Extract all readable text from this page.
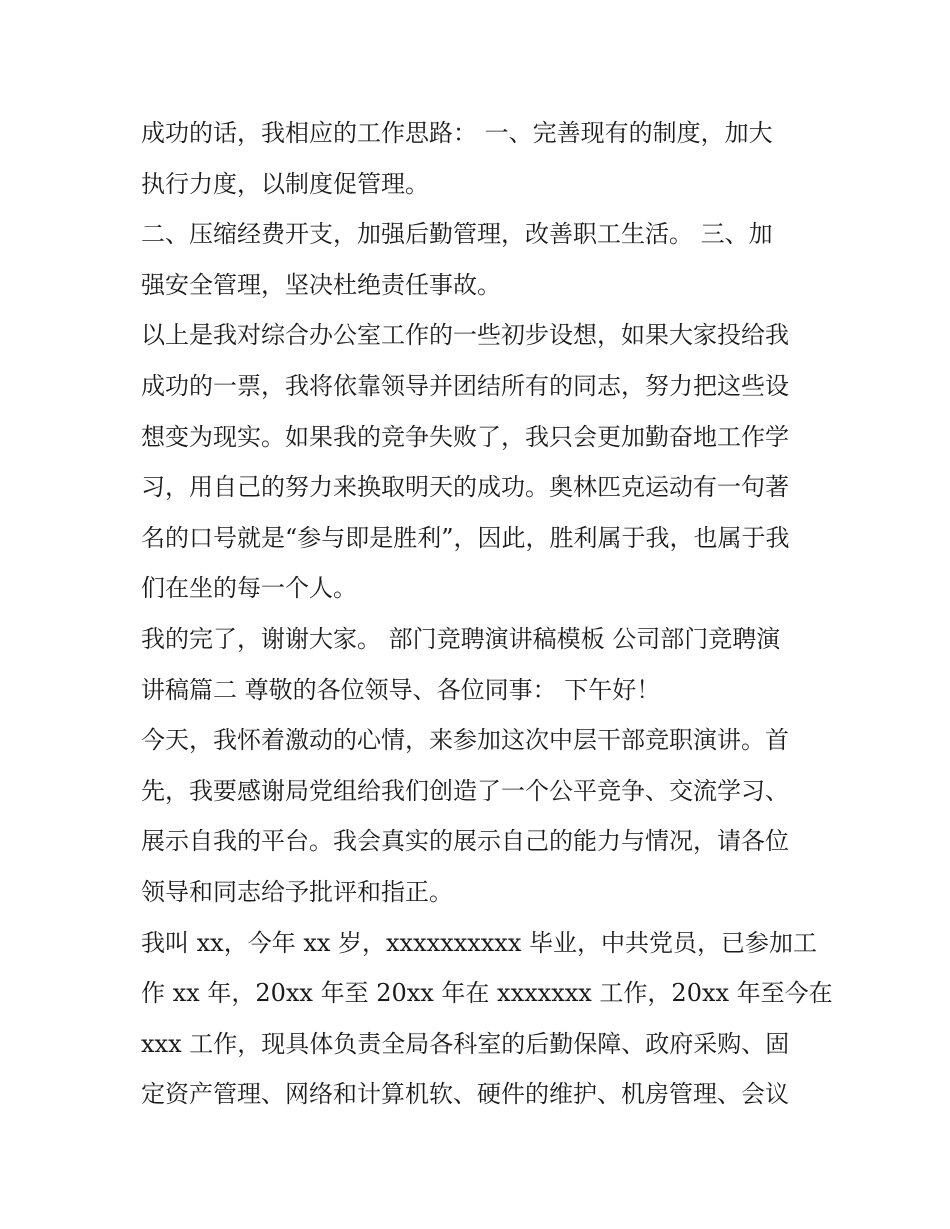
成功的话，我相应的工作思路： 一、完善现有的制度，加大
执行力度，以制度促管理。
二、压缩经费开支，加强后勤管理，改善职工生活。 三、加
强安全管理，坚决杜绝责任事故。
以上是我对综合办公室工作的一些初步设想，如果大家投给我
成功的一票，我将依靠领导并团结所有的同志，努力把这些设
想变为现实。如果我的竞争失败了，我只会更加勤奋地工作学
习，用自己的努力来换取明天的成功。奥林匹克运动有一句著
名的口号就是“参与即是胜利”，因此，胜利属于我，也属于我
们在坐的每一个人。
我的完了，谢谢大家。 部门竞聘演讲稿模板 公司部门竞聘演
讲稿篇二 尊敬的各位领导、各位同事： 下午好！
今天，我怀着激动的心情，来参加这次中层干部竞职演讲。首
先，我要感谢局党组给我们创造了一个公平竞争、交流学习、
展示自我的平台。我会真实的展示自己的能力与情况，请各位
领导和同志给予批评和指正。
我叫 xx，今年 xx 岁，xxxxxxxxxx 毕业，中共党员，已参加工
作 xx 年，20xx 年至 20xx 年在 xxxxxxx 工作，20xx 年至今在
xxx 工作，现具体负责全局各科室的后勤保障、政府采购、固
定资产管理、网络和计算机软、硬件的维护、机房管理、会议
